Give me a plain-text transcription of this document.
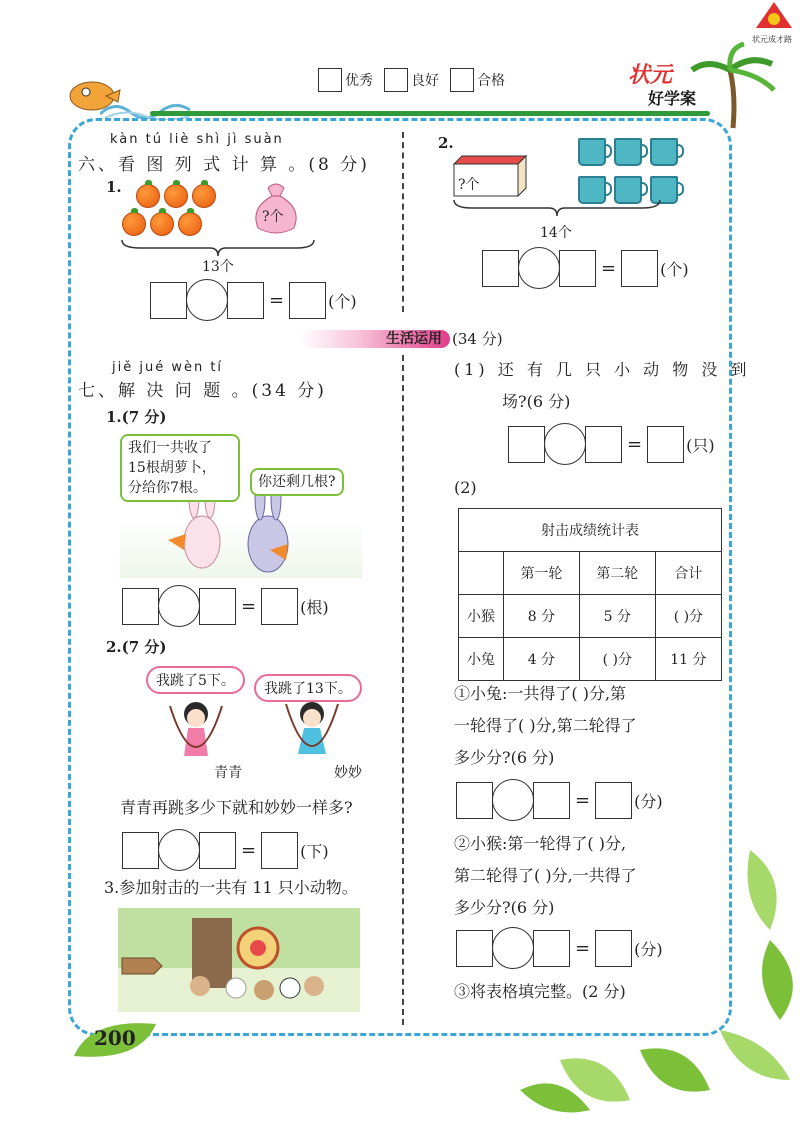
优秀	良好	合格	状元
好学案
状元成才路
kàn tú liè shì jì suàn
六、看 图 列 式 计 算 。(8 分)
1.
?个
13个
=	(个)
2.
?个
14个
=	(个)
生活运用 (34 分)
jiě jué wèn tí
七、解 决 问 题 。(34 分)
1.(7 分)
我们一共收了
15根胡萝卜，
分给你7根。	你还剩几根?
=	(根)
2.(7 分)
我跳了5下。	我跳了13下。
青青	妙妙
青青再跳多少下就和妙妙一样多?
=	(下)
3.参加射击的一共有 11 只小动物。
(1) 还 有 几 只 小 动 物 没 到
场?(6 分)
=	(只)
(2)
射击成绩统计表			
	第一轮	第二轮	合计
小猴	8 分	5 分	( )分
小兔	4 分	( )分	11 分
①小兔:一共得了( )分,第
一轮得了( )分,第二轮得了
多少分?(6 分)
=	(分)
②小猴:第一轮得了( )分,
第二轮得了( )分,一共得了
多少分?(6 分)
=	(分)
③将表格填完整。(2 分)
200
